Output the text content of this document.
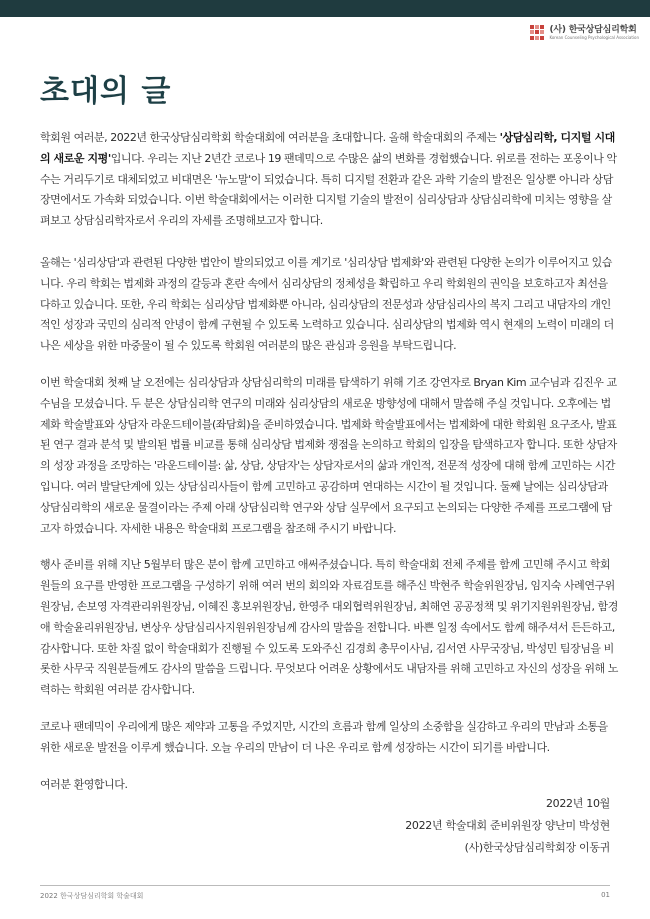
(사) 한국상담심리학회
Korean Counseling Psychological Association
초대의 글

학회원 여러분, 2022년 한국상담심리학회 학술대회에 여러분을 초대합니다. 올해 학술대회의 주제는 '상담심리학, 디지털 시대의 새로운 지평'입니다. 우리는 지난 2년간 코로나 19 팬데믹으로 수많은 삶의 변화를 경험했습니다. 위로를 전하는 포옹이나 악수는 거리두기로 대체되었고 비대면은 '뉴노말'이 되었습니다. 특히 디지털 전환과 같은 과학 기술의 발전은 일상뿐 아니라 상담 장면에서도 가속화 되었습니다. 이번 학술대회에서는 이러한 디지털 기술의 발전이 심리상담과 상담심리학에 미치는 영향을 살펴보고 상담심리학자로서 우리의 자세를 조명해보고자 합니다.

올해는 '심리상담'과 관련된 다양한 법안이 발의되었고 이를 계기로 '심리상담 법제화'와 관련된 다양한 논의가 이루어지고 있습니다. 우리 학회는 법제화 과정의 갈등과 혼란 속에서 심리상담의 정체성을 확립하고 우리 학회원의 권익을 보호하고자 최선을 다하고 있습니다. 또한, 우리 학회는 심리상담 법제화뿐 아니라, 심리상담의 전문성과 상담심리사의 복지 그리고 내담자의 개인적인 성장과 국민의 심리적 안녕이 함께 구현될 수 있도록 노력하고 있습니다. 심리상담의 법제화 역시 현재의 노력이 미래의 더 나은 세상을 위한 마중물이 될 수 있도록 학회원 여러분의 많은 관심과 응원을 부탁드립니다.

이번 학술대회 첫째 날 오전에는 심리상담과 상담심리학의 미래를 탐색하기 위해 기조 강연자로 Bryan Kim 교수님과 김진우 교수님을 모셨습니다. 두 분은 상담심리학 연구의 미래와 심리상담의 새로운 방향성에 대해서 말씀해 주실 것입니다. 오후에는 법제화 학술발표와 상담자 라운드테이블(좌담회)을 준비하였습니다. 법제화 학술발표에서는 법제화에 대한 학회원 요구조사, 발표된 연구 결과 분석 및 발의된 법률 비교를 통해 심리상담 법제화 쟁점을 논의하고 학회의 입장을 탐색하고자 합니다. 또한 상담자의 성장 과정을 조망하는 '라운드테이블: 삶, 상담, 상담자'는 상담자로서의 삶과 개인적, 전문적 성장에 대해 함께 고민하는 시간입니다. 여러 발달단계에 있는 상담심리사들이 함께 고민하고 공감하며 연대하는 시간이 될 것입니다. 둘째 날에는 심리상담과 상담심리학의 새로운 물결이라는 주제 아래 상담심리학 연구와 상담 실무에서 요구되고 논의되는 다양한 주제를 프로그램에 담고자 하였습니다. 자세한 내용은 학술대회 프로그램을 참조해 주시기 바랍니다.

행사 준비를 위해 지난 5월부터 많은 분이 함께 고민하고 애써주셨습니다. 특히 학술대회 전체 주제를 함께 고민해 주시고 학회원들의 요구를 반영한 프로그램을 구성하기 위해 여러 번의 회의와 자료검토를 해주신 박현주 학술위원장님, 임지숙 사례연구위원장님, 손보영 자격관리위원장님, 이혜진 홍보위원장님, 한영주 대외협력위원장님, 최해연 공공정책 및 위기지원위원장님, 함경애 학술윤리위원장님, 변상우 상담심리사지원위원장님께 감사의 말씀을 전합니다. 바쁜 일정 속에서도 함께 해주셔서 든든하고, 감사합니다. 또한 차질 없이 학술대회가 진행될 수 있도록 도와주신 김경희 총무이사님, 김서연 사무국장님, 박성민 팀장님을 비롯한 사무국 직원분들께도 감사의 말씀을 드립니다. 무엇보다 어려운 상황에서도 내담자를 위해 고민하고 자신의 성장을 위해 노력하는 학회원 여러분 감사합니다.

코로나 팬데믹이 우리에게 많은 제약과 고통을 주었지만, 시간의 흐름과 함께 일상의 소중함을 실감하고 우리의 만남과 소통을 위한 새로운 발전을 이루게 했습니다. 오늘 우리의 만남이 더 나은 우리로 함께 성장하는 시간이 되기를 바랍니다.

여러분 환영합니다.

2022년 10월
2022년 학술대회 준비위원장 양난미 박성현
(사)한국상담심리학회장 이동귀
2022 한국상담심리학회 학술대회	01
